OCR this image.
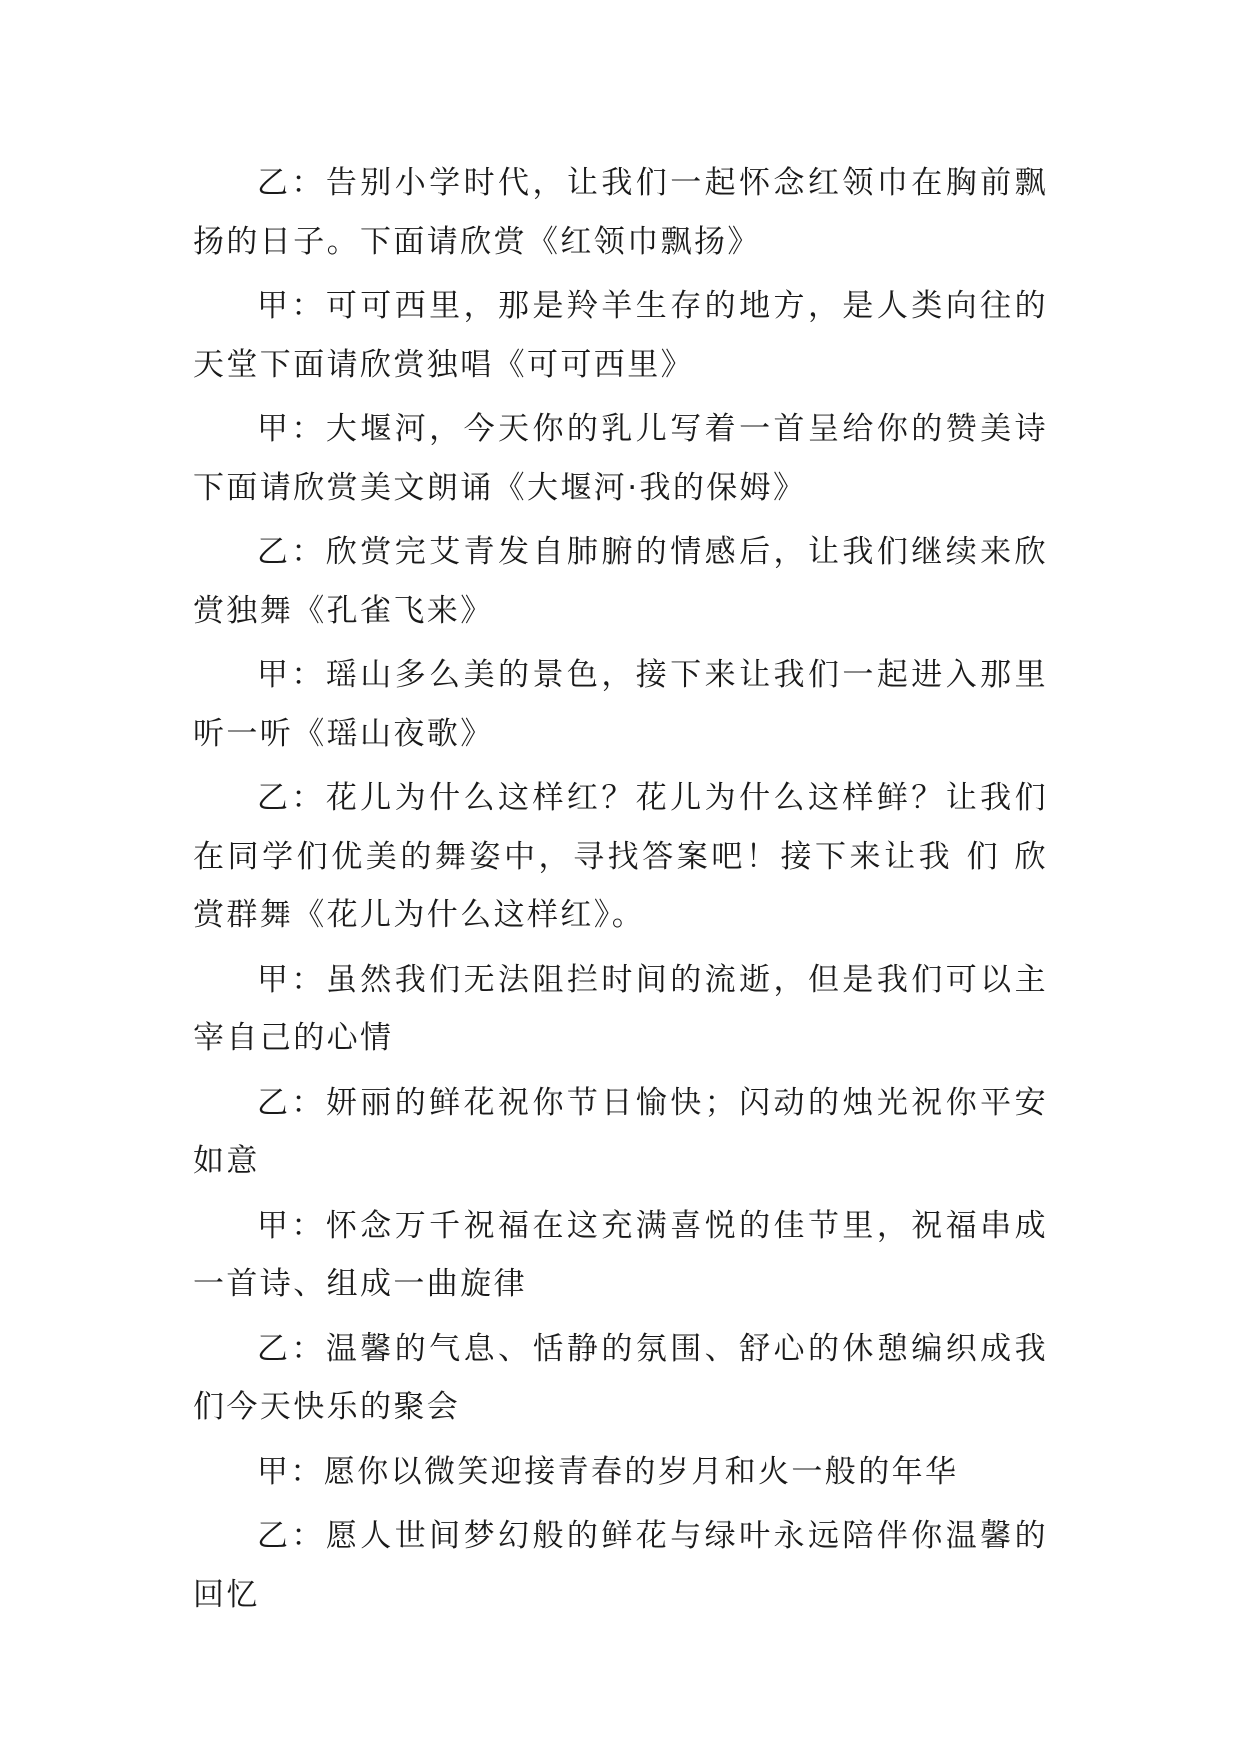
乙：告别小学时代，让我们一起怀念红领巾在胸前飘扬的日子。下面请欣赏《红领巾飘扬》

甲：可可西里，那是羚羊生存的地方，是人类向往的天堂下面请欣赏独唱《可可西里》

甲：大堰河，今天你的乳儿写着一首呈给你的赞美诗下面请欣赏美文朗诵《大堰河·我的保姆》

乙：欣赏完艾青发自肺腑的情感后，让我们继续来欣赏独舞《孔雀飞来》

甲：瑶山多么美的景色，接下来让我们一起进入那里听一听《瑶山夜歌》

乙：花儿为什么这样红？花儿为什么这样鲜？让我们在同学们优美的舞姿中，寻找答案吧！接下来让我 们 欣赏群舞《花儿为什么这样红》。

甲：虽然我们无法阻拦时间的流逝，但是我们可以主宰自己的心情

乙：妍丽的鲜花祝你节日愉快；闪动的烛光祝你平安如意

甲：怀念万千祝福在这充满喜悦的佳节里，祝福串成一首诗、组成一曲旋律

乙：温馨的气息、恬静的氛围、舒心的休憩编织成我们今天快乐的聚会

甲：愿你以微笑迎接青春的岁月和火一般的年华

乙：愿人世间梦幻般的鲜花与绿叶永远陪伴你温馨的回忆
